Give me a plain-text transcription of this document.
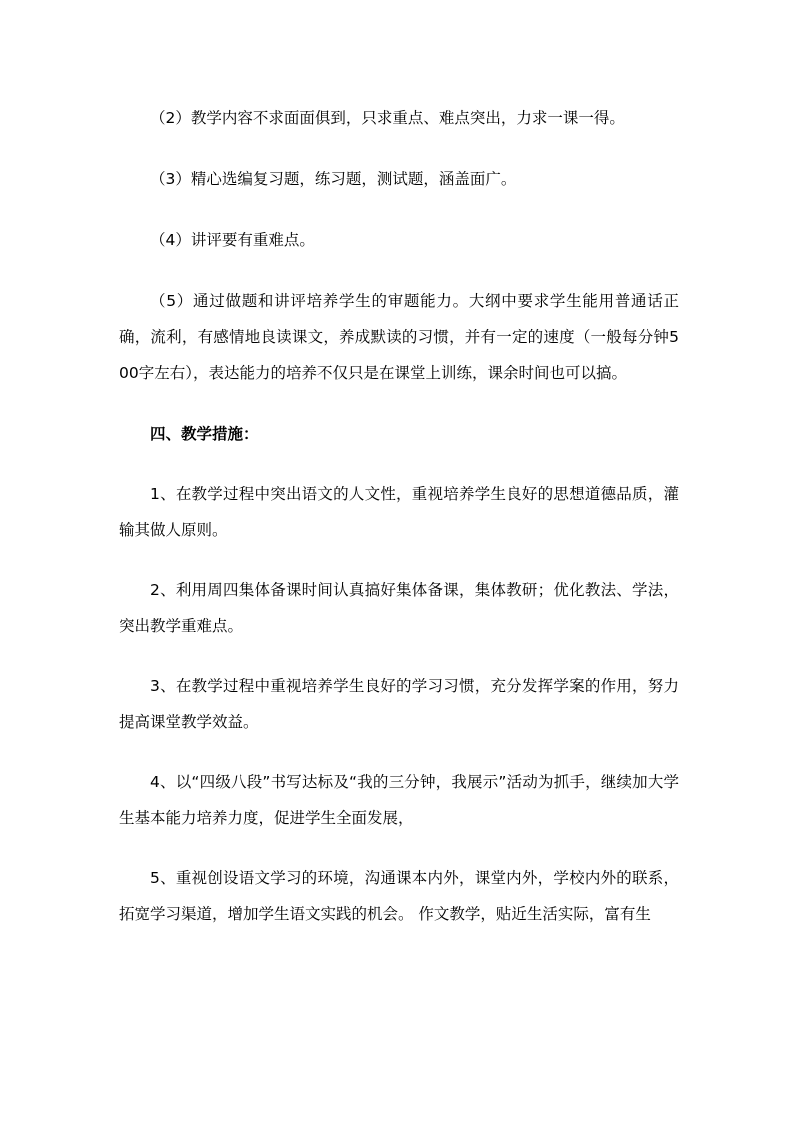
（2）教学内容不求面面俱到，只求重点、难点突出，力求一课一得。

（3）精心选编复习题，练习题，测试题，涵盖面广。

（4）讲评要有重难点。

（5）通过做题和讲评培养学生的审题能力。大纲中要求学生能用普通话正确，流利，有感情地良读课文，养成默读的习惯，并有一定的速度（一般每分钟500字左右），表达能力的培养不仅只是在课堂上训练，课余时间也可以搞。

四、教学措施：

1、在教学过程中突出语文的人文性，重视培养学生良好的思想道德品质，灌输其做人原则。

2、利用周四集体备课时间认真搞好集体备课，集体教研；优化教法、学法，突出教学重难点。

3、在教学过程中重视培养学生良好的学习习惯，充分发挥学案的作用，努力提高课堂教学效益。

4、以“四级八段”书写达标及“我的三分钟，我展示”活动为抓手，继续加大学生基本能力培养力度，促进学生全面发展，

5、重视创设语文学习的环境，沟通课本内外，课堂内外，学校内外的联系，拓宽学习渠道，增加学生语文实践的机会。 作文教学，贴近生活实际，富有生
